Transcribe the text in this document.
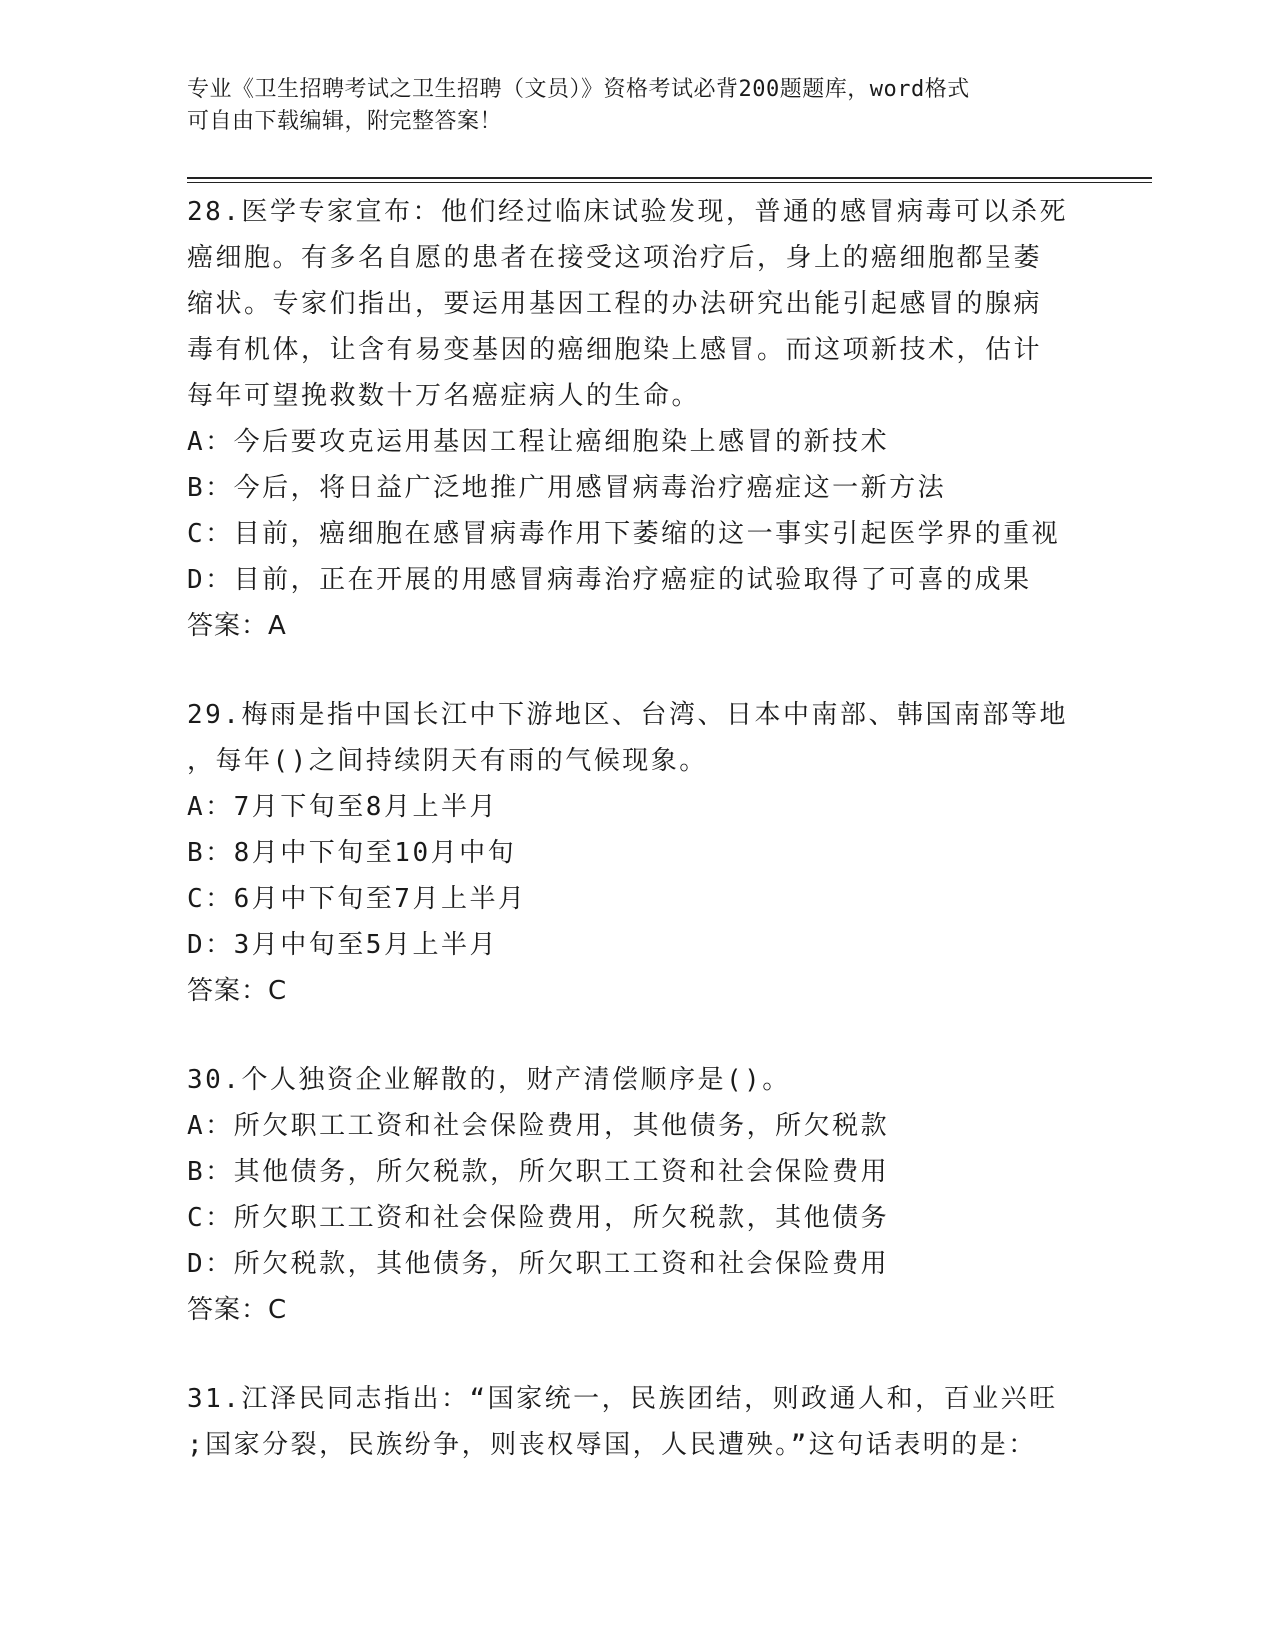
专业《卫生招聘考试之卫生招聘（文员）》资格考试必背200题题库，word格式
可自由下载编辑，附完整答案！
28.医学专家宣布：他们经过临床试验发现，普通的感冒病毒可以杀死
癌细胞。有多名自愿的患者在接受这项治疗后，身上的癌细胞都呈萎
缩状。专家们指出，要运用基因工程的办法研究出能引起感冒的腺病
毒有机体，让含有易变基因的癌细胞染上感冒。而这项新技术，估计
每年可望挽救数十万名癌症病人的生命。
A：今后要攻克运用基因工程让癌细胞染上感冒的新技术
B：今后，将日益广泛地推广用感冒病毒治疗癌症这一新方法
C：目前，癌细胞在感冒病毒作用下萎缩的这一事实引起医学界的重视
D：目前，正在开展的用感冒病毒治疗癌症的试验取得了可喜的成果
答案：A
29.梅雨是指中国长江中下游地区、台湾、日本中南部、韩国南部等地
，每年()之间持续阴天有雨的气候现象。
A：7月下旬至8月上半月
B：8月中下旬至10月中旬
C：6月中下旬至7月上半月
D：3月中旬至5月上半月
答案：C
30.个人独资企业解散的，财产清偿顺序是()。
A：所欠职工工资和社会保险费用，其他债务，所欠税款
B：其他债务，所欠税款，所欠职工工资和社会保险费用
C：所欠职工工资和社会保险费用，所欠税款，其他债务
D：所欠税款，其他债务，所欠职工工资和社会保险费用
答案：C
31.江泽民同志指出：“国家统一，民族团结，则政通人和，百业兴旺
;国家分裂，民族纷争，则丧权辱国，人民遭殃。”这句话表明的是：
